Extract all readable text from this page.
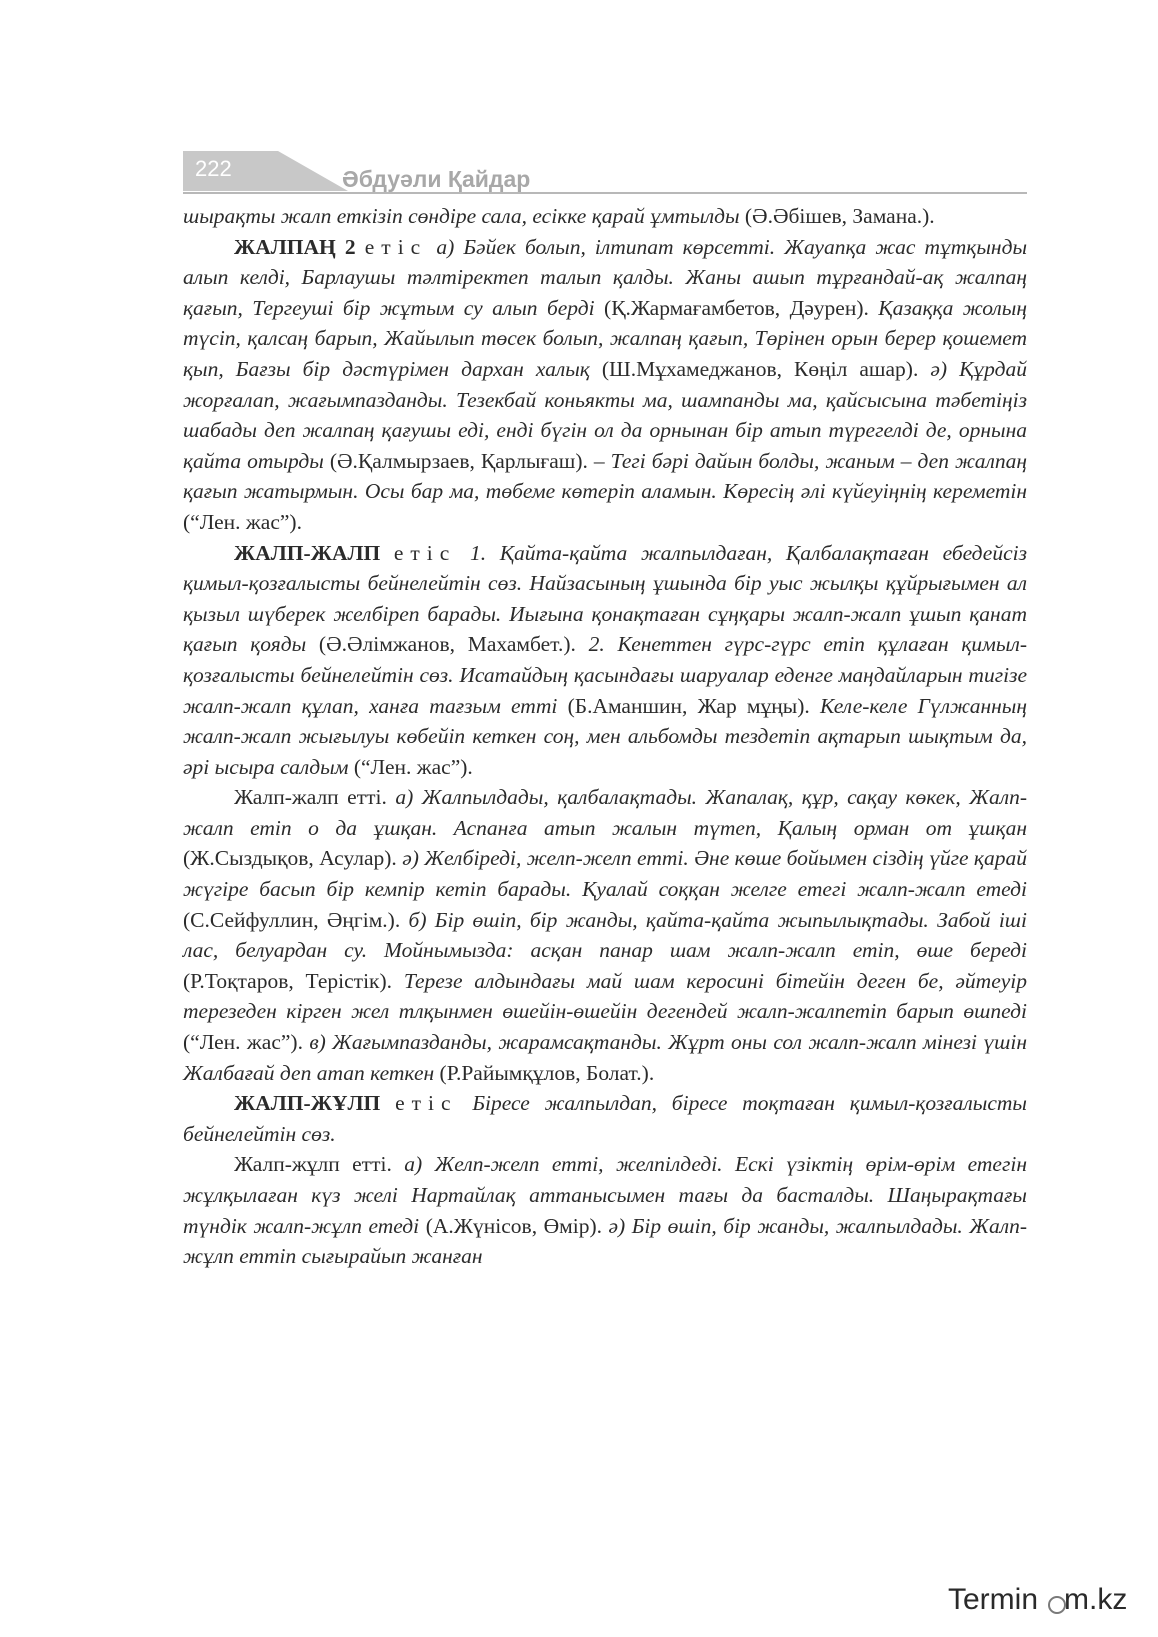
222	Әбдуәли Қайдар

шырақты жалп еткізіп сөндіре сала, есікке қарай ұмтылды (Ә.Әбішев, Замана.).

ЖАЛПАҢ 2 етіс а) Бәйек болып, ілтипат көрсетті. Жауапқа жас тұтқынды алып келді, Барлаушы тәлтіректеп талып қалды. Жаны ашып тұрғандай-ақ жалпаң қағып, Тергеуші бір жұтым су алып берді (Қ.Жармағамбетов, Дәурен). Қазаққа жолың түсіп, қалсаң барып, Жайылып төсек болып, жалпаң қағып, Төрінен орын берер қошемет қып, Бағзы бір дәстүрімен дархан халық (Ш.Мұхамеджанов, Көңіл ашар). ә) Құрдай жорғалап, жағымпазданды. Тезекбай коньякты ма, шампанды ма, қайсысына тәбетіңіз шабады деп жалпаң қағушы еді, енді бүгін ол да орнынан бір атып түрегелді де, орнына қайта отырды (Ә.Қалмырзаев, Қарлығаш). – Тегі бәрі дайын болды, жаным – деп жалпаң қағып жатырмын. Осы бар ма, төбеме көтеріп аламын. Көресің әлі күйеуіңнің кереметін (“Лен. жас”).

ЖАЛП-ЖАЛП етіс 1. Қайта-қайта жалпылдаған, Қалбалақтаған ебедейсіз қимыл-қозғалысты бейнелейтін сөз. Найзасының ұшында бір уыс жылқы құйрығымен ал қызыл шүберек желбіреп барады. Иығына қонақтаған сұңқары жалп-жалп ұшып қанат қағып қояды (Ә.Әлімжанов, Махамбет.). 2. Кенеттен гүрс-гүрс етіп құлаған қимыл-қозғалысты бейнелейтін сөз. Исатайдың қасындағы шаруалар еденге маңдайларын тигізе жалп-жалп құлап, ханға тағзым етті (Б.Аманшин, Жар мұңы). Келе-келе Гүлжанның жалп-жалп жығылуы көбейіп кеткен соң, мен альбомды тездетіп ақтарып шықтым да, әрі ысыра салдым (“Лен. жас”).

Жалп-жалп етті. а) Жалпылдады, қалбалақтады. Жапалақ, құр, сақау көкек, Жалп-жалп етіп о да ұшқан. Аспанға атып жалын түтеп, Қалың орман от ұшқан (Ж.Сыздықов, Асулар). ә) Желбіреді, желп-желп етті. Әне көше бойымен сіздің үйге қарай жүгіре басып бір кемпір кетіп барады. Қуалай соққан желге етегі жалп-жалп етеді (С.Сейфуллин, Әңгім.). б) Бір өшіп, бір жанды, қайта-қайта жыпылықтады. Забой іші лас, белуардан су. Мойнымызда: асқан панар шам жалп-жалп етіп, өше береді (Р.Тоқтаров, Терістік). Терезе алдындағы май шам керосині бітейін деген бе, әйтеуір терезеден кірген жел тлқынмен өшейін-өшейін дегендей жалп-жалпетіп барып өшпеді (“Лен. жас”). в) Жағымпазданды, жарамсақтанды. Жұрт оны сол жалп-жалп мінезі үшін Жалбағай деп атап кеткен (Р.Райымқұлов, Болат.).

ЖАЛП-ЖҰЛП етіс Біресе жалпылдап, біресе тоқтаған қимыл-қозғалысты бейнелейтін сөз.

Жалп-жұлп етті. а) Желп-желп етті, желпілдеді. Ескі үзіктің өрім-өрім етегін жұлқылаған күз желі Нартайлақ аттанысымен тағы да басталды. Шаңырақтағы түндік жалп-жұлп етеді (А.Жүнісов, Өмір). ә) Бір өшіп, бір жанды, жалпылдады. Жалп-жұлп еттіп сығырайып жанған

Termin m.kz
